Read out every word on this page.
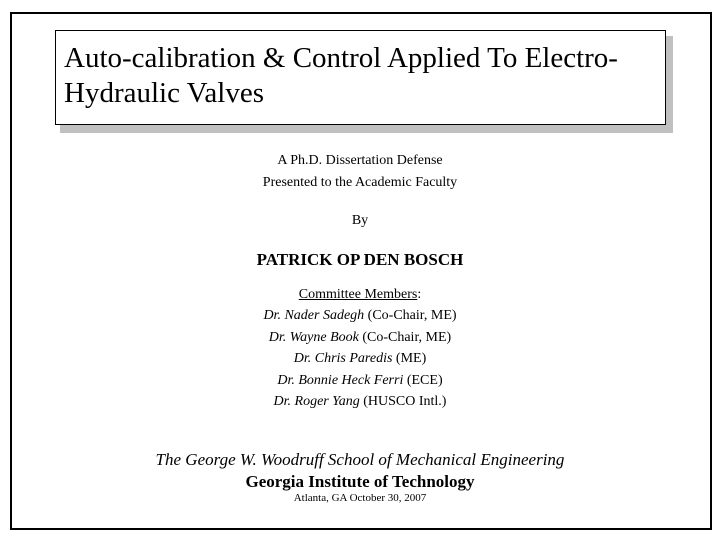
Auto-calibration & Control Applied To Electro-Hydraulic Valves
A Ph.D. Dissertation Defense
Presented to the Academic Faculty
By
PATRICK OP DEN BOSCH
Committee Members:
Dr. Nader Sadegh (Co-Chair, ME)
Dr. Wayne Book (Co-Chair, ME)
Dr. Chris Paredis (ME)
Dr. Bonnie Heck Ferri (ECE)
Dr. Roger Yang (HUSCO Intl.)
The George W. Woodruff School of Mechanical Engineering
Georgia Institute of Technology
Atlanta, GA October 30, 2007
